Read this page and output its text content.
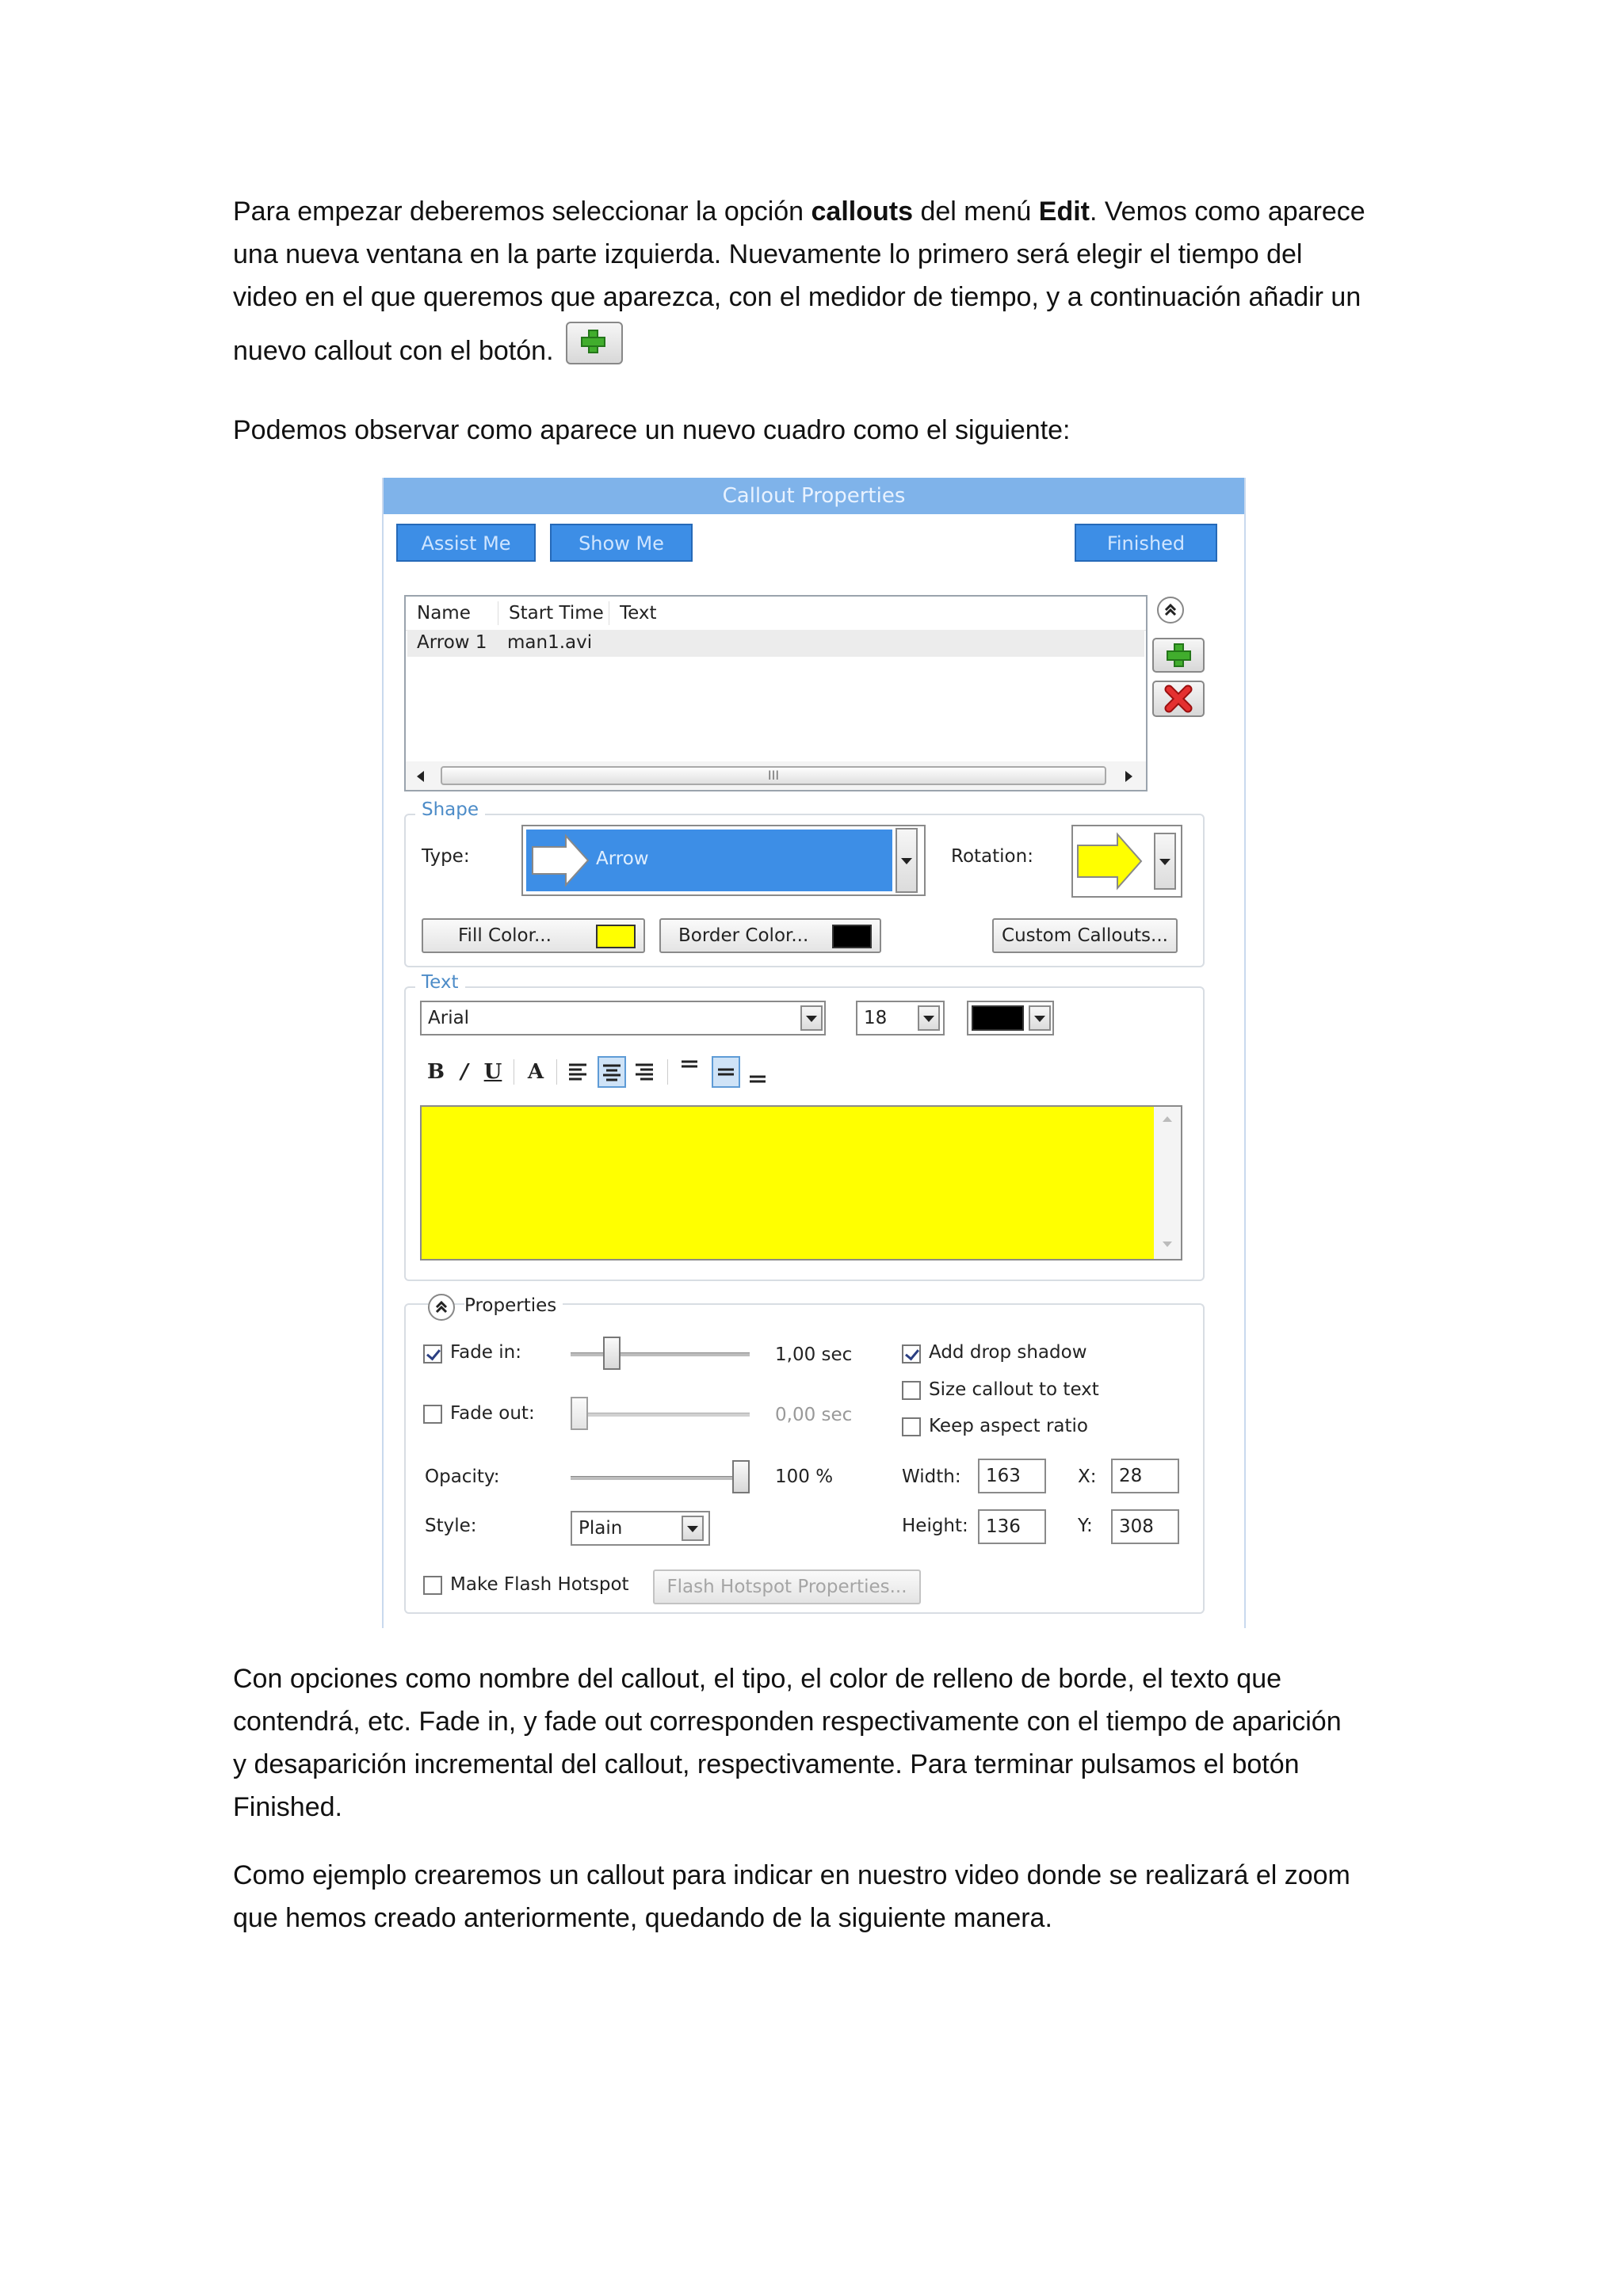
Para empezar deberemos seleccionar la opción callouts del menú Edit. Vemos como aparece
una nueva ventana en la parte izquierda. Nuevamente lo primero será elegir el tiempo del
video en el que queremos que aparezca, con el medidor de tiempo, y a continuación añadir un
nuevo callout con el botón.
Podemos observar como aparece un nuevo cuadro como el siguiente:
Callout Properties
Assist Me	Show Me	Finished
Name Start Time Text
Arrow 1 man1.avi
III
Shape
Type:	Arrow	Rotation:
Fill Color...	Border Color...	Custom Callouts...
Text
Arial	18
B / U	A
Properties
Fade in:	1,00 sec
Fade out:	0,00 sec
Opacity:	100 %
Style:	Plain
Add drop shadow
Size callout to text
Keep aspect ratio
Width:	163	X:	28
Height: 136	Y:	308
Make Flash Hotspot	Flash Hotspot Properties...
Con opciones como nombre del callout, el tipo, el color de relleno de borde, el texto que
contendrá, etc. Fade in, y fade out corresponden respectivamente con el tiempo de aparición
y desaparición incremental del callout, respectivamente. Para terminar pulsamos el botón
Finished.
Como ejemplo crearemos un callout para indicar en nuestro video donde se realizará el zoom
que hemos creado anteriormente, quedando de la siguiente manera.
